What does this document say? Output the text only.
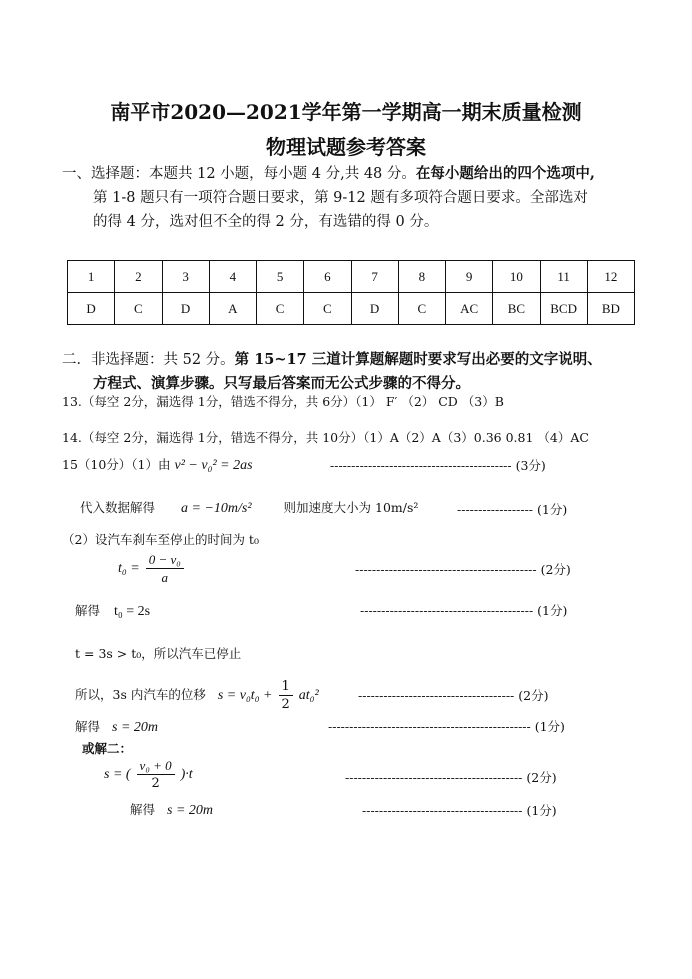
南平市2020—2021学年第一学期高一期末质量检测
物理试题参考答案
一、选择题：本题共 12 小题，每小题 4 分,共 48 分。在每小题给出的四个选项中,
第 1-8 题只有一项符合题日要求，第 9-12 题有多项符合题日要求。全部选对
的得 4 分，选对但不全的得 2 分，有选错的得 0 分。
1	2	3	4	5	6	7	8	9	10	11	12
D	C	D	A	C	C	D	C	AC	BC	BCD	BD
二．非选择题：共 52 分。第 15~17 三道计算题解题时要求写出必要的文字说明、
方程式、演算步骤。只写最后答案而无公式步骤的不得分。
13.（每空 2分，漏选得 1分，错选不得分，共 6分）（1） F′ （2） CD （3）B
14.（每空 2分，漏选得 1分，错选不得分，共 10分）（1）A（2）A（3）0.36 0.81 （4）AC
15（10分）（1）由 v² − v₀² = 2as	------------------------------------------- (3分)
代入数据解得 a = −10m/s²	则加速度大小为 10m/s²	------------------ (1分)
（2）设汽车刹车至停止的时间为 t₀
$t_0 = \frac{\text{0 − v₀}}{a}$	------------------------------------------- (2分)
解得 t₀ = 2s	----------------------------------------- (1分)
t = 3s > t₀，所以汽车已停止
所以，3s 内汽车的位移 $s = v_0t_0 + \frac{1}{2} at_0^2$	------------------------------------- (2分)
解得 s = 20m	------------------------------------------------ (1分)
或解二：
s = ( $\frac{\text{v₀ + 0}}{2} )\cdot t$	------------------------------------------ (2分)
解得 s = 20m	-------------------------------------- (1分)
